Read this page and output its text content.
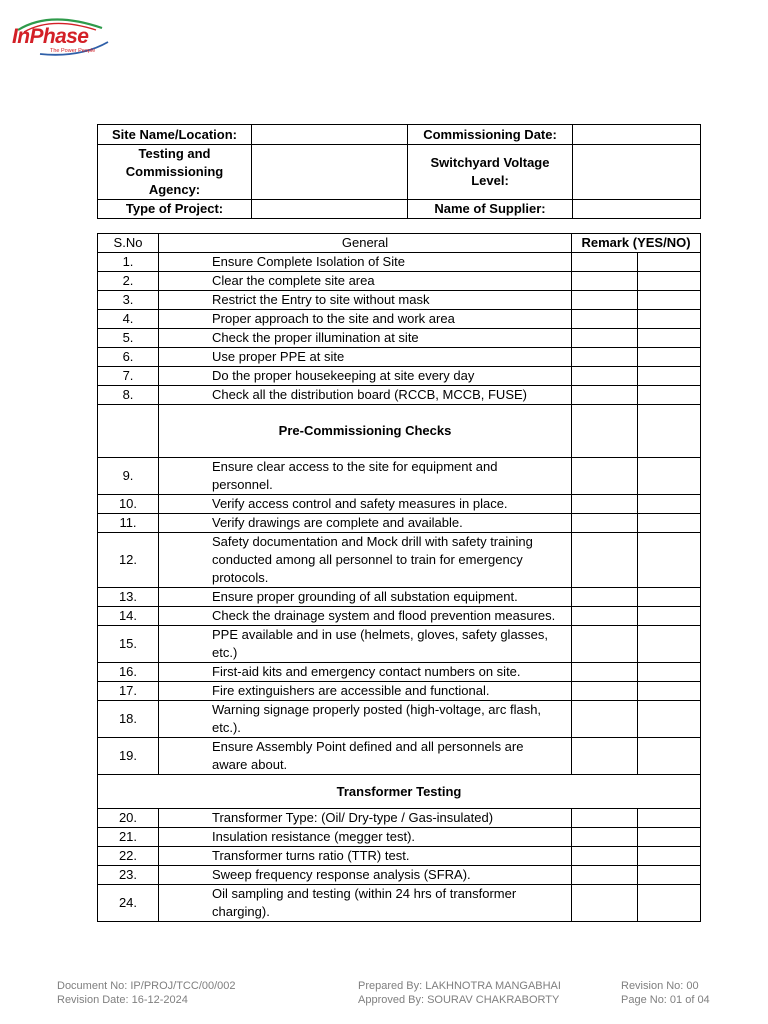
InPhase
The Power People
Site Name/Location:		Commissioning Date:	
Testing and Commissioning Agency:		Switchyard Voltage Level:	
Type of Project:		Name of Supplier:	
S.No	General	Remark (YES/NO)	
1.	Ensure Complete Isolation of Site		
2.	Clear the complete site area		
3.	Restrict the Entry to site without mask		
4.	Proper approach to the site and work area		
5.	Check the proper illumination at site		
6.	Use proper PPE at site		
7.	Do the proper housekeeping at site every day		
8.	Check all the distribution board (RCCB, MCCB, FUSE)		
	Pre-Commissioning Checks		
9.	Ensure clear access to the site for equipment and personnel.		
10.	Verify access control and safety measures in place.		
11.	Verify drawings are complete and available.		
12.	Safety documentation and Mock drill with safety training conducted among all personnel to train for emergency protocols.		
13.	Ensure proper grounding of all substation equipment.		
14.	Check the drainage system and flood prevention measures.		
15.	PPE available and in use (helmets, gloves, safety glasses, etc.)		
16.	First-aid kits and emergency contact numbers on site.		
17.	Fire extinguishers are accessible and functional.		
18.	Warning signage properly posted (high-voltage, arc flash, etc.).		
19.	Ensure Assembly Point defined and all personnels are aware about.		
Transformer Testing			
20.	Transformer Type: (Oil/ Dry-type / Gas-insulated)		
21.	Insulation resistance (megger test).		
22.	Transformer turns ratio (TTR) test.		
23.	Sweep frequency response analysis (SFRA).		
24.	Oil sampling and testing (within 24 hrs of transformer charging).		
Document No: IP/PROJ/TCC/00/002
Revision Date: 16-12-2024
Prepared By: LAKHNOTRA MANGABHAI
Approved By: SOURAV CHAKRABORTY
Revision No: 00
Page No: 01 of 04
